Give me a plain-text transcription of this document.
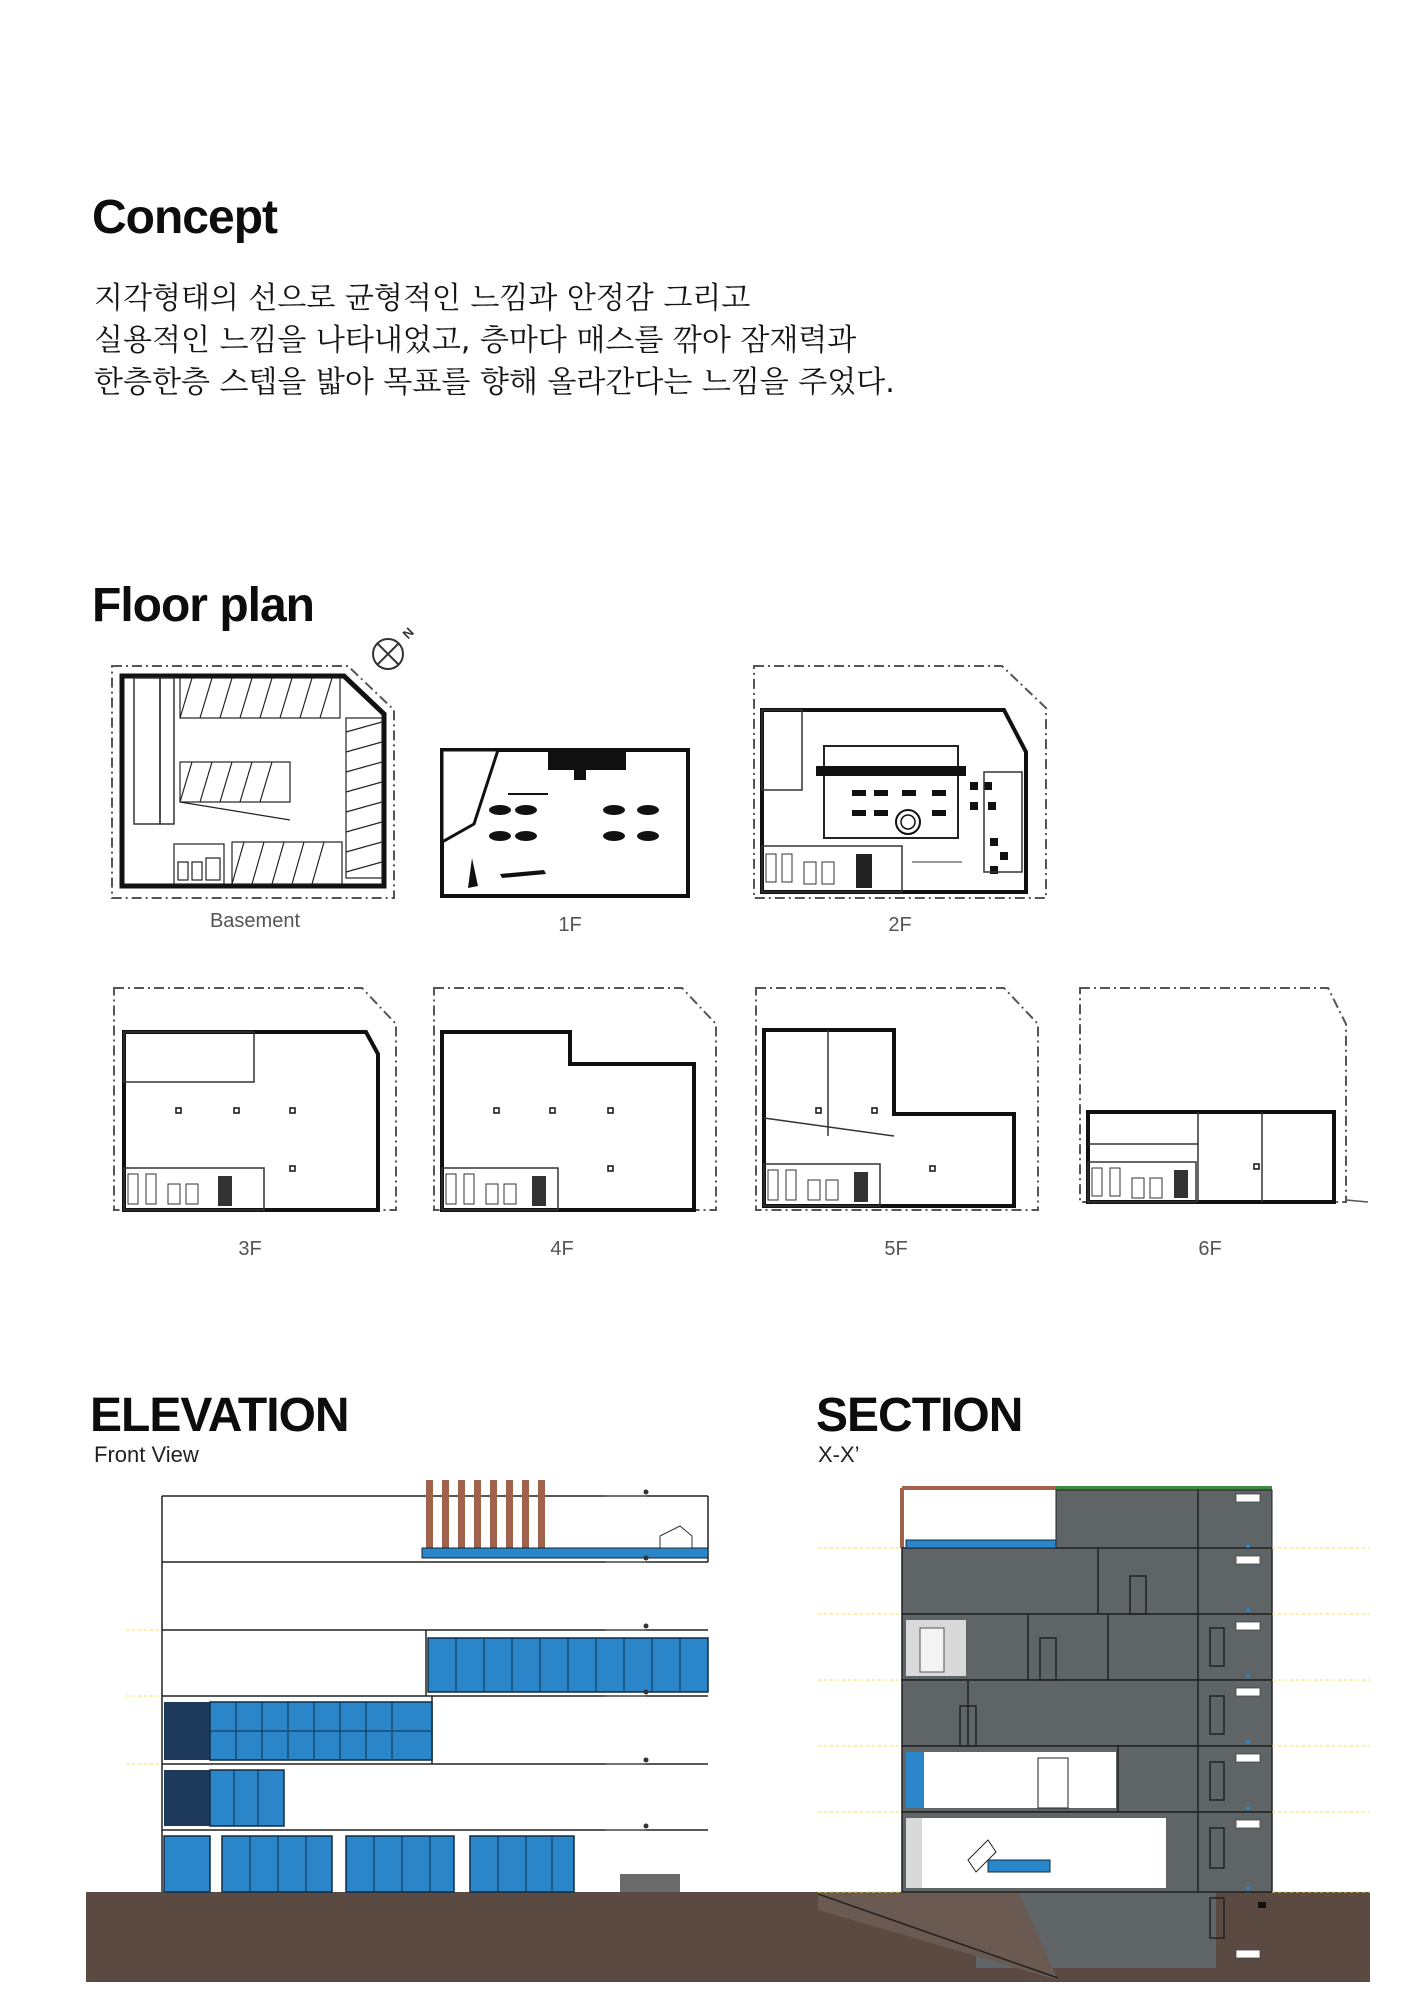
Concept
지각형태의 선으로 균형적인 느낌과 안정감 그리고
실용적인 느낌을 나타내었고, 층마다 매스를 깎아 잠재력과
한층한층 스텝을 밟아 목표를 향해 올라간다는 느낌을 주었다.
Floor plan
N
Basement	1F	2F
3F	4F	5F	6F
ELEVATION
Front View
SECTION
X-X’
